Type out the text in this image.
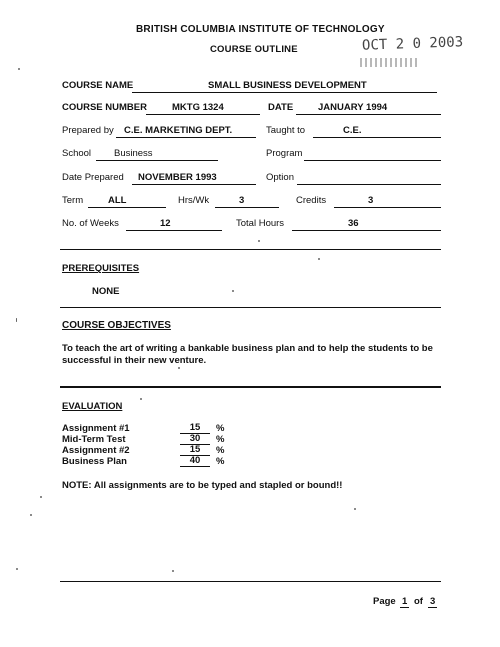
BRITISH COLUMBIA INSTITUTE OF TECHNOLOGY
COURSE OUTLINE	OCT 2 0 2003
COURSE NAME	SMALL BUSINESS DEVELOPMENT
COURSE NUMBER	MKTG 1324	DATE	JANUARY 1994
Prepared by C.E. MARKETING DEPT.	Taught to	C.E.
School Business	Program
Date Prepared NOVEMBER 1993	Option
Term	ALL	Hrs/Wk	3	Credits	3
No. of Weeks	12	Total Hours	36
PREREQUISITES
NONE
COURSE OBJECTIVES
To teach the art of writing a bankable business plan and to help the students to be
successful in their new venture.
EVALUATION
Assignment #1	15	%
Mid-Term Test	30	%
Assignment #2	15	%
Business Plan	40	%
NOTE: All assignments are to be typed and stapled or bound!!
Page 1 of 3
